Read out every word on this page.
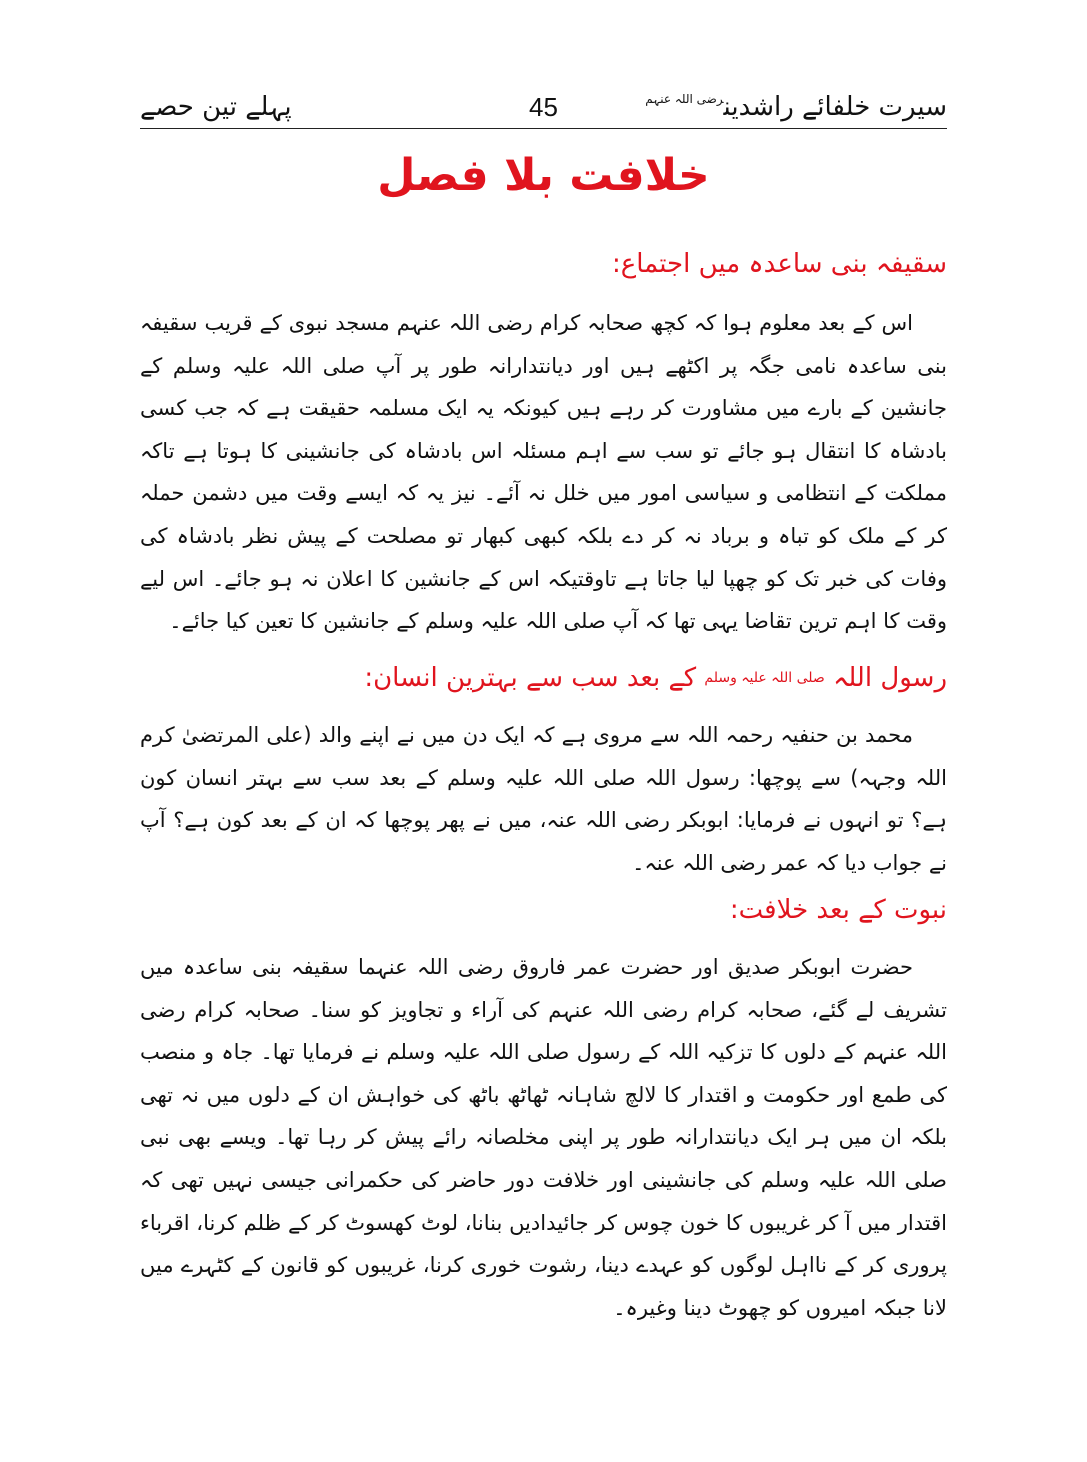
سیرت خلفائے راشدین$^{رضی اللہ عنہم}$
45
پہلے تین حصے
خلافت بلا فصل
سقیفہ بنی ساعدہ میں اجتماع:
اس کے بعد معلوم ہوا کہ کچھ صحابہ کرام رضی اللہ عنہم مسجد نبوی کے قریب سقیفہ بنی ساعدہ نامی جگہ پر اکٹھے ہیں اور دیانتدارانہ طور پر آپ صلی اللہ علیہ وسلم کے جانشین کے بارے میں مشاورت کر رہے ہیں کیونکہ یہ ایک مسلمہ حقیقت ہے کہ جب کسی بادشاہ کا انتقال ہو جائے تو سب سے اہم مسئلہ اس بادشاہ کی جانشینی کا ہوتا ہے تاکہ مملکت کے انتظامی و سیاسی امور میں خلل نہ آئے۔ نیز یہ کہ ایسے وقت میں دشمن حملہ کر کے ملک کو تباہ و برباد نہ کر دے بلکہ کبھی کبھار تو مصلحت کے پیش نظر بادشاہ کی وفات کی خبر تک کو چھپا لیا جاتا ہے تاوقتیکہ اس کے جانشین کا اعلان نہ ہو جائے۔ اس لیے وقت کا اہم ترین تقاضا یہی تھا کہ آپ صلی اللہ علیہ وسلم کے جانشین کا تعین کیا جائے۔
رسول اللہ $^{صلی اللہ علیہ وسلم}$ کے بعد سب سے بہترین انسان:
محمد بن حنفیہ رحمہ اللہ سے مروی ہے کہ ایک دن میں نے اپنے والد (علی المرتضیٰ کرم اللہ وجہہ) سے پوچھا: رسول اللہ صلی اللہ علیہ وسلم کے بعد سب سے بہتر انسان کون ہے؟ تو انہوں نے فرمایا: ابوبکر رضی اللہ عنہ، میں نے پھر پوچھا کہ ان کے بعد کون ہے؟ آپ نے جواب دیا کہ عمر رضی اللہ عنہ۔
نبوت کے بعد خلافت:
حضرت ابوبکر صدیق اور حضرت عمر فاروق رضی اللہ عنہما سقیفہ بنی ساعدہ میں تشریف لے گئے، صحابہ کرام رضی اللہ عنہم کی آراء و تجاویز کو سنا۔ صحابہ کرام رضی اللہ عنہم کے دلوں کا تزکیہ اللہ کے رسول صلی اللہ علیہ وسلم نے فرمایا تھا۔ جاہ و منصب کی طمع اور حکومت و اقتدار کا لالچ شاہانہ ٹھاٹھ باٹھ کی خواہش ان کے دلوں میں نہ تھی بلکہ ان میں ہر ایک دیانتدارانہ طور پر اپنی مخلصانہ رائے پیش کر رہا تھا۔ ویسے بھی نبی صلی اللہ علیہ وسلم کی جانشینی اور خلافت دور حاضر کی حکمرانی جیسی نہیں تھی کہ اقتدار میں آ کر غریبوں کا خون چوس کر جائیدادیں بنانا، لوٹ کھسوٹ کر کے ظلم کرنا، اقرباء پروری کر کے نااہل لوگوں کو عہدے دینا، رشوت خوری کرنا، غریبوں کو قانون کے کٹہرے میں لانا جبکہ امیروں کو چھوٹ دینا وغیرہ۔
